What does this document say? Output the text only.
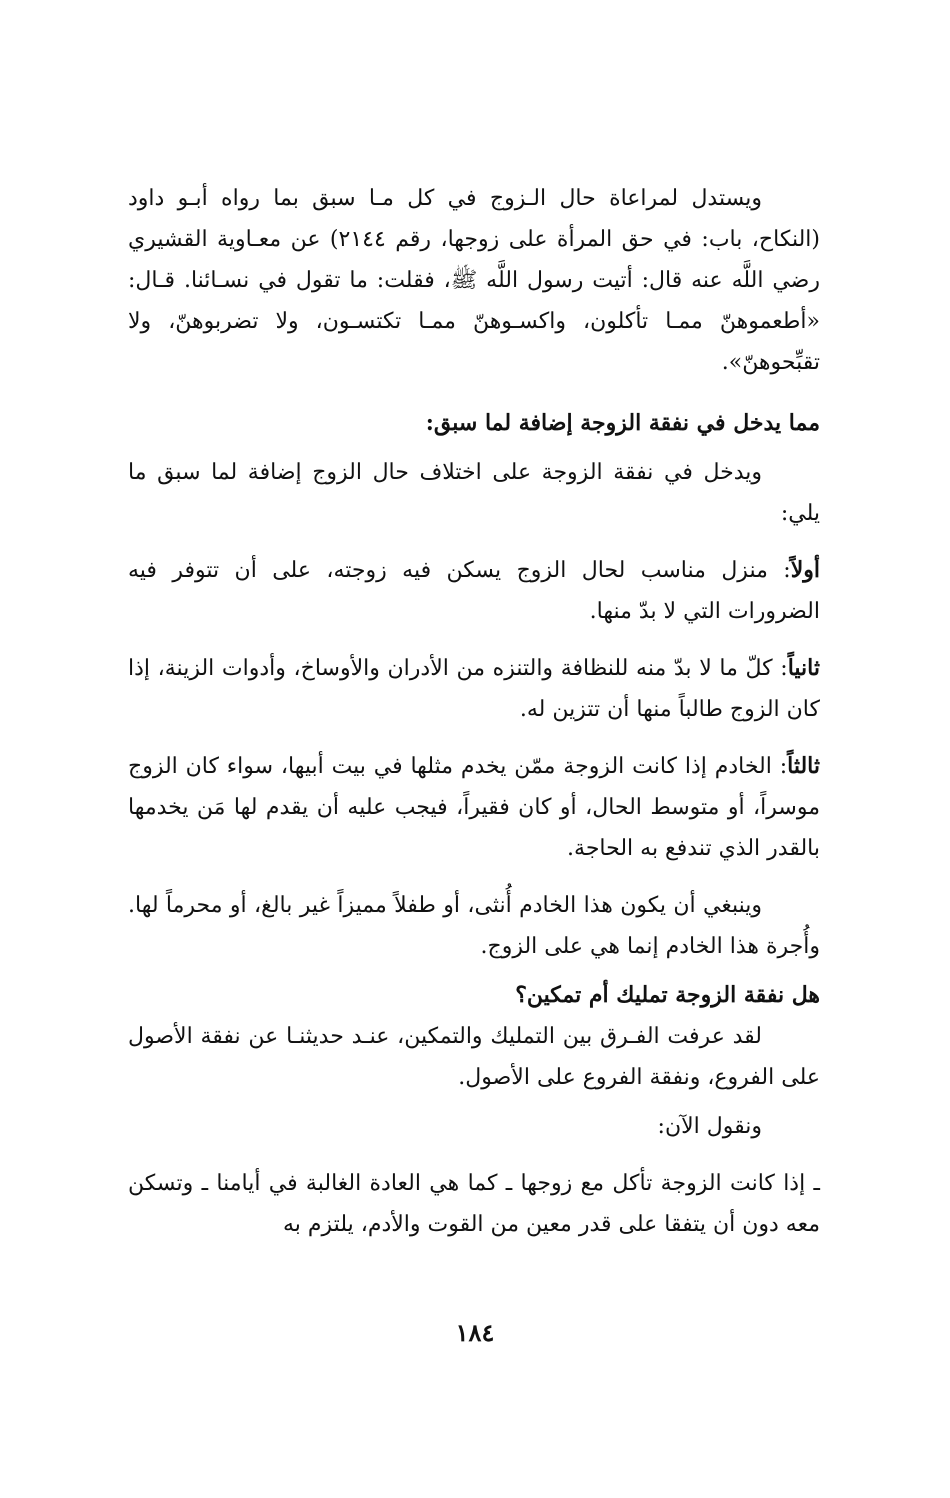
ويستدل لمراعاة حال الـزوج في كل مـا سبق بما رواه أبـو داود (النكاح، باب: في حق المرأة على زوجها، رقم ٢١٤٤) عن معـاوية القشيري رضي اللَّه عنه قال: أتيت رسول اللَّه ﷺ، فقلت: ما تقول في نسـائنا. قـال: «أطعموهنّ ممـا تأكلون، واكسـوهنّ ممـا تكتسـون، ولا تضربوهنّ، ولا تقبِّحوهنّ».

مما يدخل في نفقة الزوجة إضافة لما سبق:

ويدخل في نفقة الزوجة على اختلاف حال الزوج إضافة لما سبق ما يلي:

أولاً: منزل مناسب لحال الزوج يسكن فيه زوجته، على أن تتوفر فيه الضرورات التي لا بدّ منها.

ثانياً: كلّ ما لا بدّ منه للنظافة والتنزه من الأدران والأوساخ، وأدوات الزينة، إذا كان الزوج طالباً منها أن تتزين له.

ثالثاً: الخادم إذا كانت الزوجة ممّن يخدم مثلها في بيت أبيها، سواء كان الزوج موسراً، أو متوسط الحال، أو كان فقيراً، فيجب عليه أن يقدم لها مَن يخدمها بالقدر الذي تندفع به الحاجة.

وينبغي أن يكون هذا الخادم أُنثى، أو طفلاً مميزاً غير بالغ، أو محرماً لها. وأُجرة هذا الخادم إنما هي على الزوج.

هل نفقة الزوجة تمليك أم تمكين؟

لقد عرفت الفـرق بين التمليك والتمكين، عنـد حديثنـا عن نفقة الأصول على الفروع، ونفقة الفروع على الأصول.

ونقول الآن:

ـ إذا كانت الزوجة تأكل مع زوجها ـ كما هي العادة الغالبة في أيامنا ـ وتسكن معه دون أن يتفقا على قدر معين من القوت والأدم، يلتزم به

١٨٤
